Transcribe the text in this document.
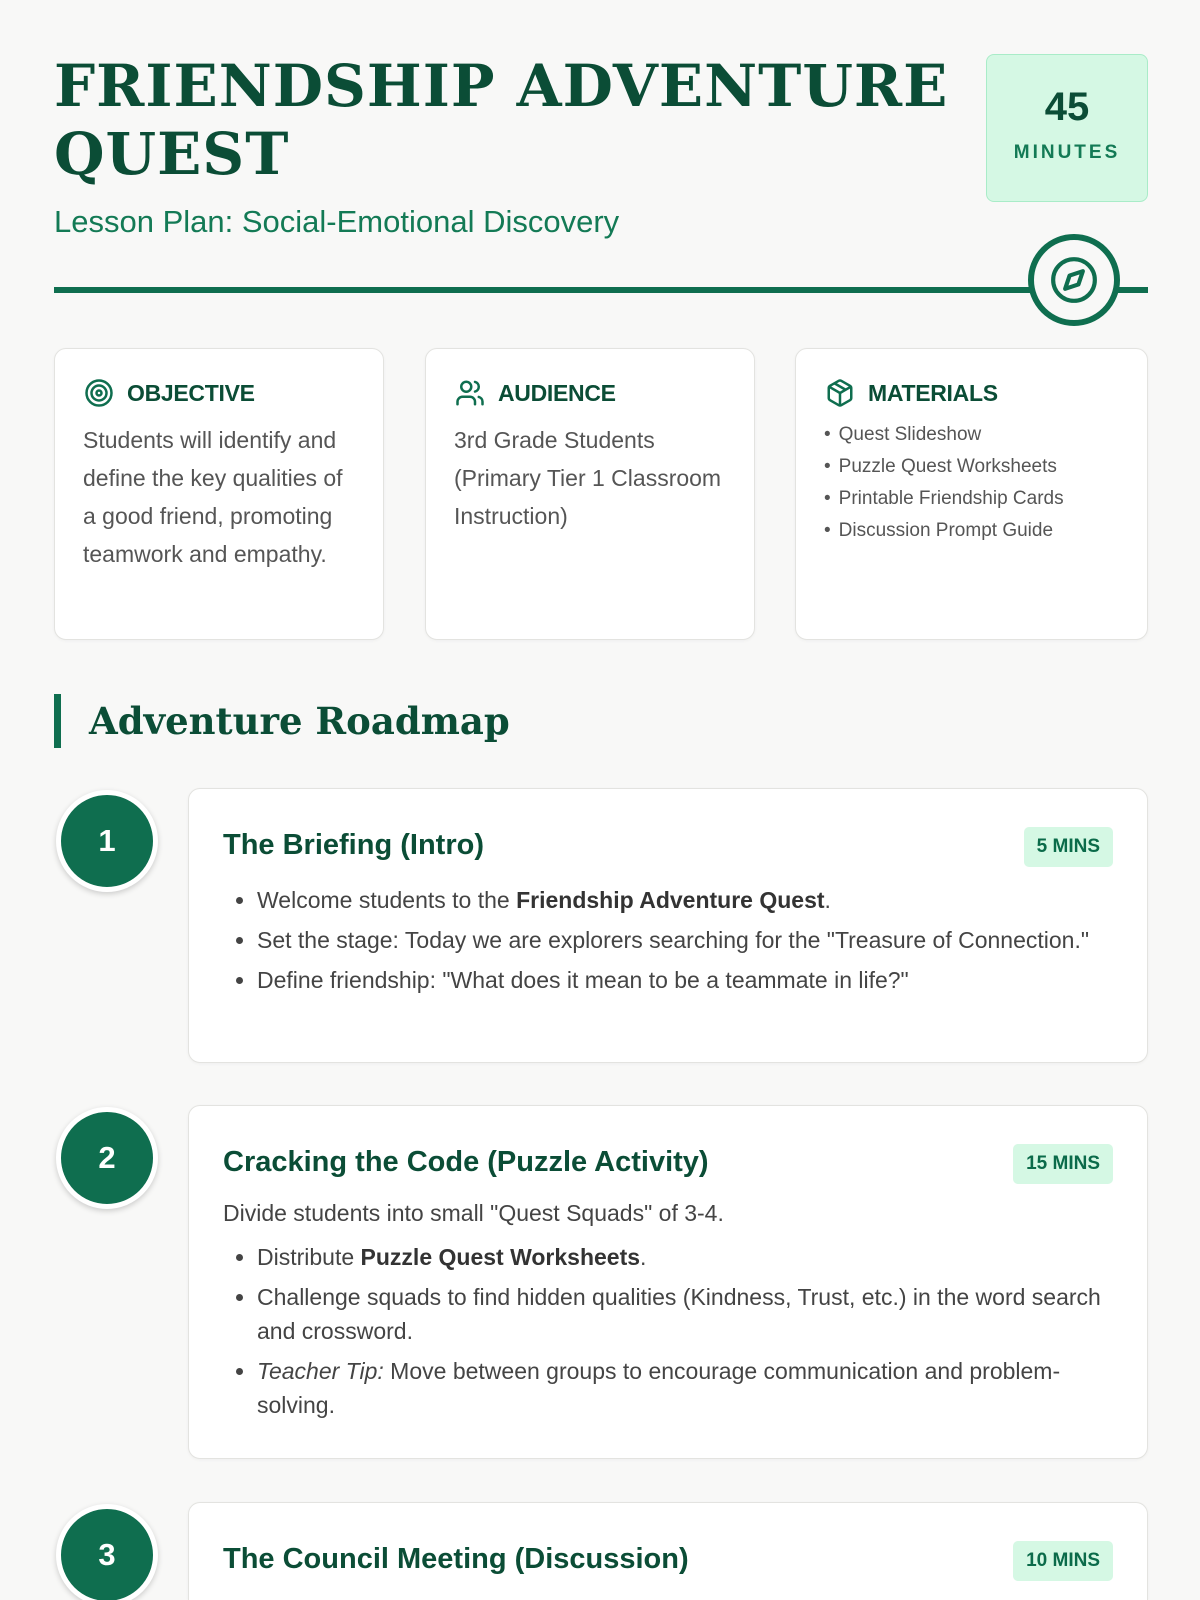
FRIENDSHIP ADVENTURE QUEST
Lesson Plan: Social-Emotional Discovery
45
MINUTES
OBJECTIVE

Students will identify and define the key qualities of a good friend, promoting teamwork and empathy.

AUDIENCE

3rd Grade Students (Primary Tier 1 Classroom Instruction)

MATERIALS
• Quest Slideshow
• Puzzle Quest Worksheets
• Printable Friendship Cards
• Discussion Prompt Guide
Adventure Roadmap
1	The Briefing (Intro)	5 MINS
• Welcome students to the Friendship Adventure Quest.
• Set the stage: Today we are explorers searching for the "Treasure of Connection."
• Define friendship: "What does it mean to be a teammate in life?"
2	Cracking the Code (Puzzle Activity)	15 MINS

Divide students into small "Quest Squads" of 3-4.

• Distribute Puzzle Quest Worksheets.
• Challenge squads to find hidden qualities (Kindness, Trust, etc.) in the word search and crossword.
• Teacher Tip: Move between groups to encourage communication and problem-solving.
3	The Council Meeting (Discussion)	10 MINS
